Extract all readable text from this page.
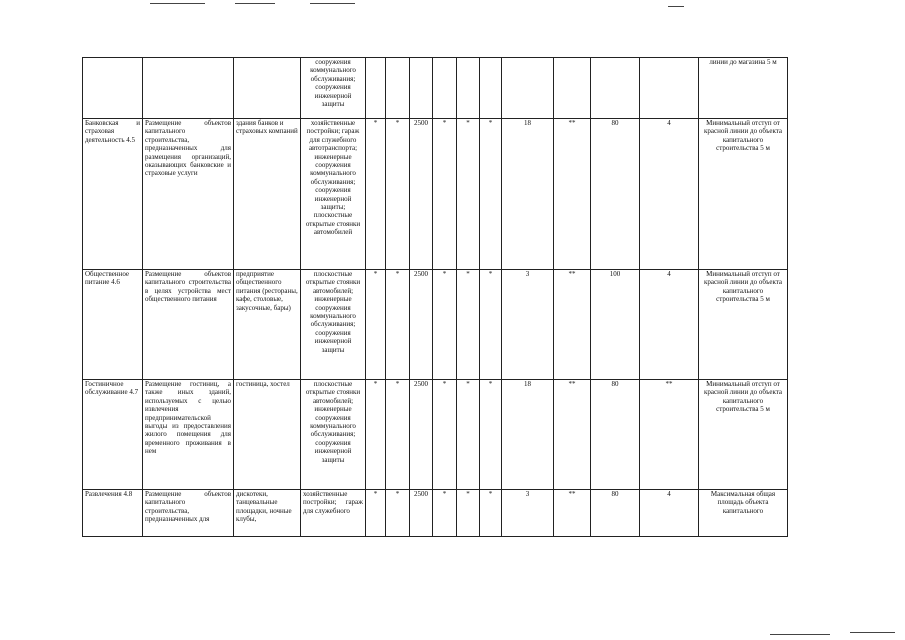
			сооружения коммунального обслуживания; сооружения инженерной защиты											линии до магазина 5 м
Банковская и страховая деятельность 4.5	Размещение объектов капитального строительства, предназначенных для размещения организаций, оказывающих банковские и страховые услуги	здания банков и страховых компаний	хозяйственные постройки; гараж для служебного автотранспорта; инженерные сооружения коммунального обслуживания; сооружения инженерной защиты; плоскостные открытые стоянки автомобилей	*	*	2500	*	*	*	18	**	80	4	Минимальный отступ от красной линии до объекта капитального строительства 5 м
Общественное питание 4.6	Размещение объектов капитального строительства в целях устройства мест общественного питания	предприятие общественного питания (рестораны, кафе, столовые, закусочные, бары)	плоскостные открытые стоянки автомобилей; инженерные сооружения коммунального обслуживания; сооружения инженерной защиты	*	*	2500	*	*	*	3	**	100	4	Минимальный отступ от красной линии до объекта капитального строительства 5 м
Гостиничное обслуживание 4.7	Размещение гостиниц, а также иных зданий, используемых с целью извлечения предпринимательской выгоды из предоставления жилого помещения для временного проживания в нем	гостиница, хостел	плоскостные открытые стоянки автомобилей; инженерные сооружения коммунального обслуживания; сооружения инженерной защиты	*	*	2500	*	*	*	18	**	80	**	Минимальный отступ от красной линии до объекта капитального строительства 5 м
Развлечения 4.8	Размещение объектов капитального строительства, предназначенных для	дискотеки, танцевальные площадки, ночные клубы,	хозяйственные постройки; гараж для служебного	*	*	2500	*	*	*	3	**	80	4	Максимальная общая площадь объекта капитального
